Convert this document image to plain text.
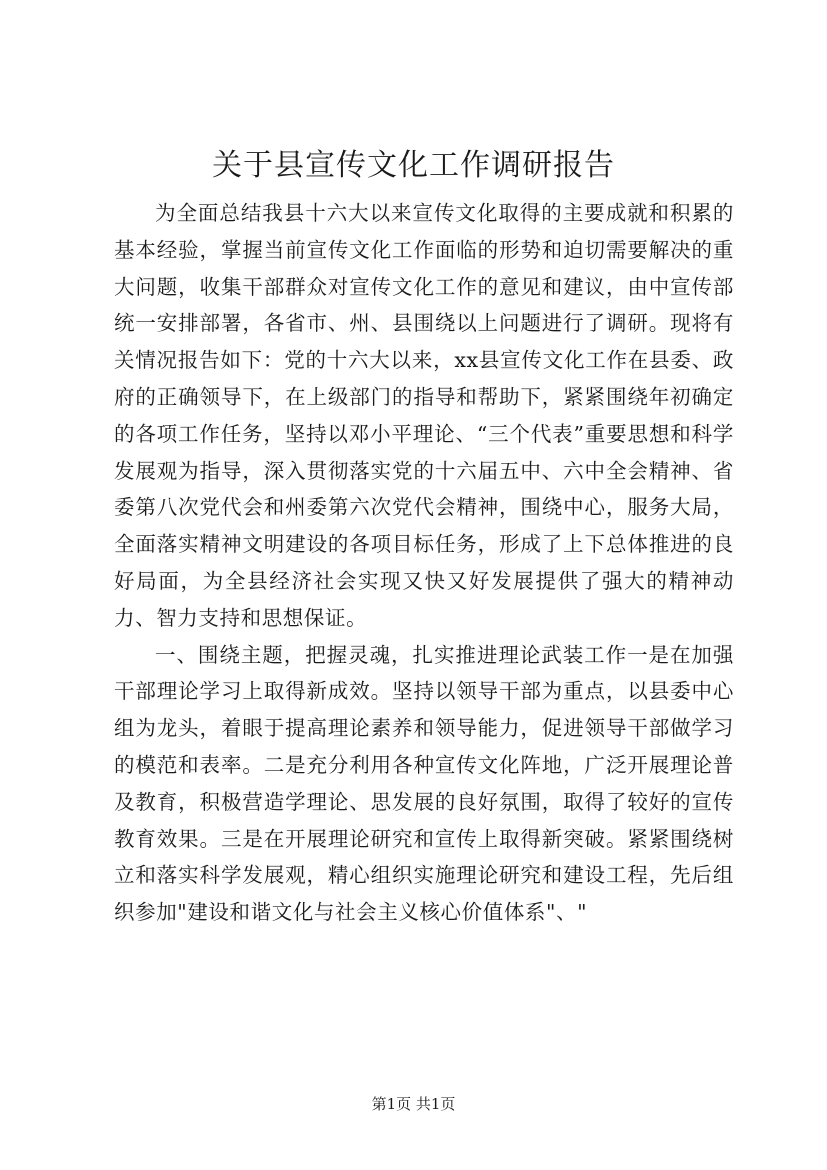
关于县宣传文化工作调研报告

为全面总结我县十六大以来宣传文化取得的主要成就和积累的基本经验，掌握当前宣传文化工作面临的形势和迫切需要解决的重大问题，收集干部群众对宣传文化工作的意见和建议，由中宣传部统一安排部署，各省市、州、县围绕以上问题进行了调研。现将有关情况报告如下：党的十六大以来，xx县宣传文化工作在县委、政府的正确领导下，在上级部门的指导和帮助下，紧紧围绕年初确定的各项工作任务，坚持以邓小平理论、“三个代表”重要思想和科学发展观为指导，深入贯彻落实党的十六届五中、六中全会精神、省委第八次党代会和州委第六次党代会精神，围绕中心，服务大局，全面落实精神文明建设的各项目标任务，形成了上下总体推进的良好局面，为全县经济社会实现又快又好发展提供了强大的精神动力、智力支持和思想保证。

一、围绕主题，把握灵魂，扎实推进理论武装工作一是在加强干部理论学习上取得新成效。坚持以领导干部为重点，以县委中心组为龙头，着眼于提高理论素养和领导能力，促进领导干部做学习的模范和表率。二是充分利用各种宣传文化阵地，广泛开展理论普及教育，积极营造学理论、思发展的良好氛围，取得了较好的宣传教育效果。三是在开展理论研究和宣传上取得新突破。紧紧围绕树立和落实科学发展观，精心组织实施理论研究和建设工程，先后组织参加"建设和谐文化与社会主义核心价值体系"、"

第1页 共1页
